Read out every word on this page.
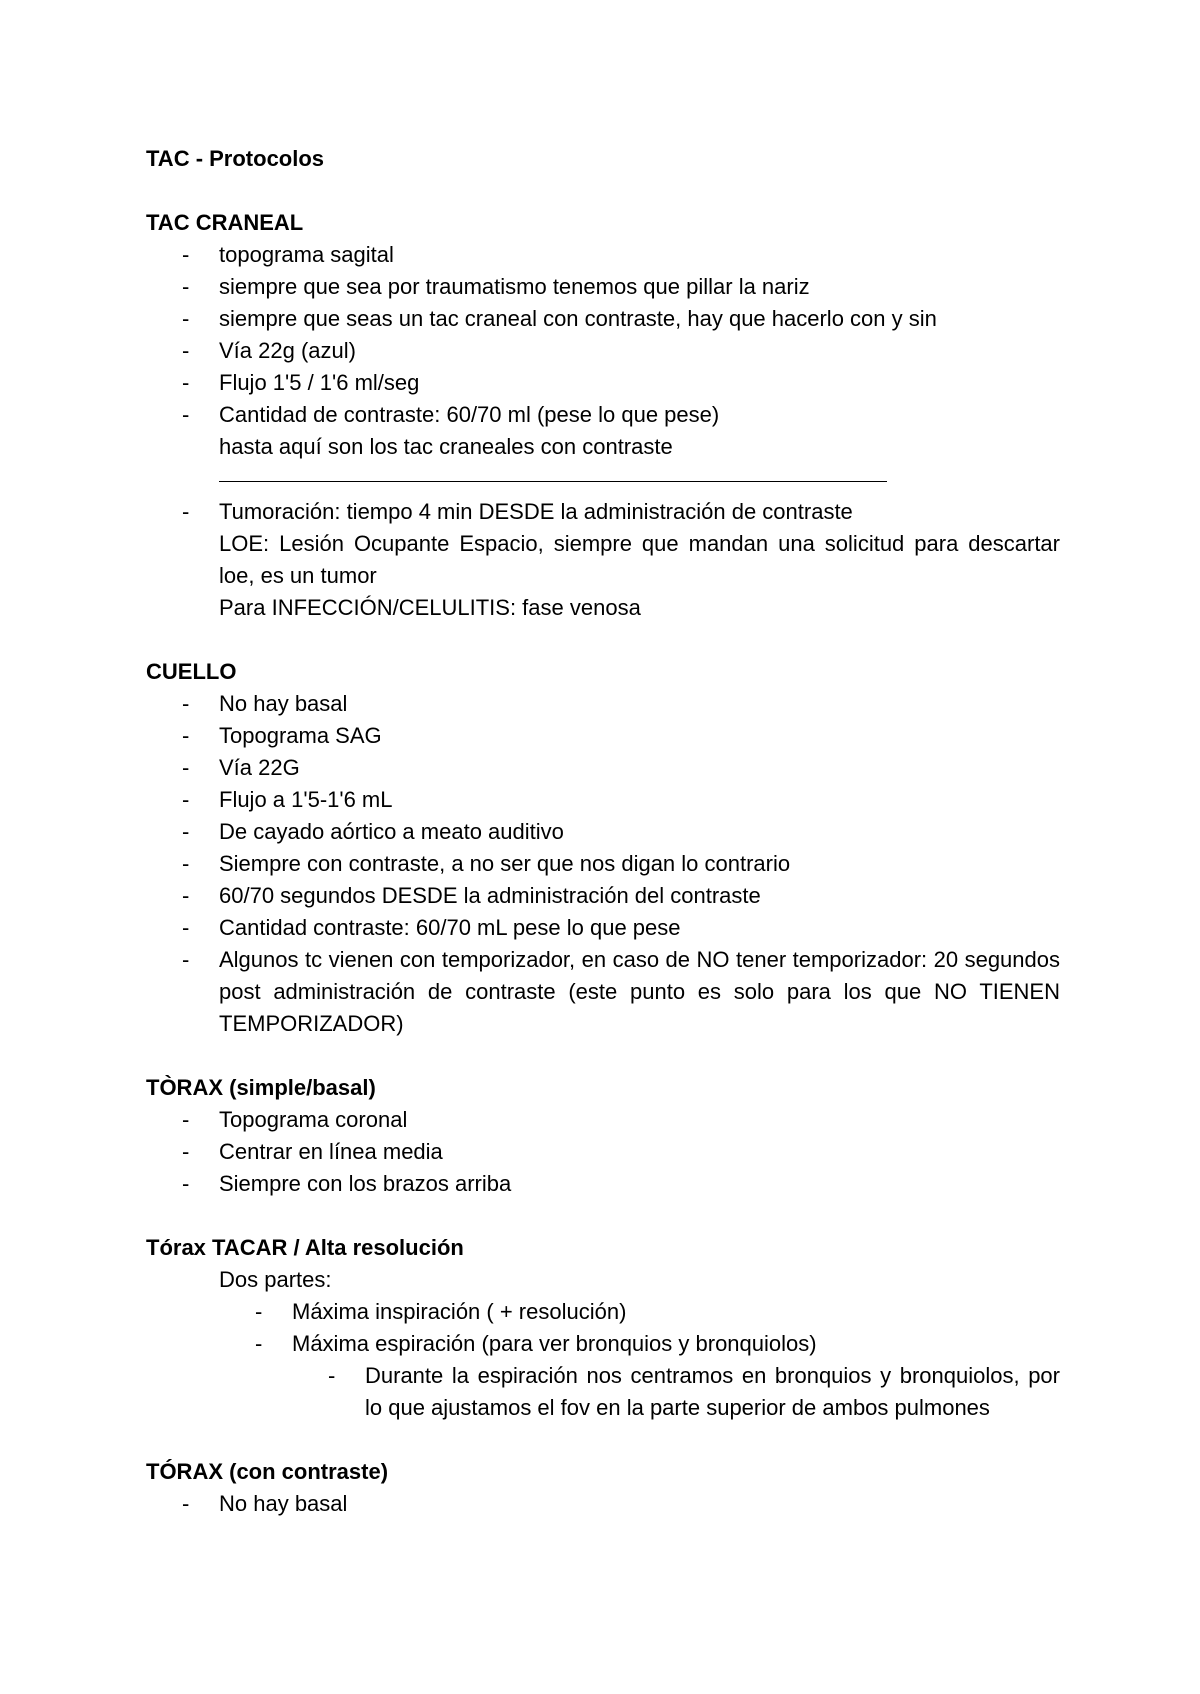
TAC - Protocolos
TAC CRANEAL
- topograma sagital
- siempre que sea por traumatismo tenemos que pillar la nariz
- siempre que seas un tac craneal con contraste, hay que hacerlo con y sin
- Vía 22g (azul)
- Flujo 1'5 / 1'6 ml/seg
- Cantidad de contraste: 60/70 ml (pese lo que pese)
hasta aquí son los tac craneales con contraste
- Tumoración: tiempo 4 min DESDE la administración de contraste
LOE: Lesión Ocupante Espacio, siempre que mandan una solicitud para descartar loe, es un tumor
Para INFECCIÓN/CELULITIS: fase venosa
CUELLO
- No hay basal
- Topograma SAG
- Vía 22G
- Flujo a 1'5-1'6 mL
- De cayado aórtico a meato auditivo
- Siempre con contraste, a no ser que nos digan lo contrario
- 60/70 segundos DESDE la administración del contraste
- Cantidad contraste: 60/70 mL pese lo que pese
- Algunos tc vienen con temporizador, en caso de NO tener temporizador: 20 segundos post administración de contraste (este punto es solo para los que NO TIENEN TEMPORIZADOR)
TÒRAX (simple/basal)
- Topograma coronal
- Centrar en línea media
- Siempre con los brazos arriba
Tórax TACAR / Alta resolución
Dos partes:
- Máxima inspiración ( + resolución)
- Máxima espiración (para ver bronquios y bronquiolos)
- Durante la espiración nos centramos en bronquios y bronquiolos, por lo que ajustamos el fov en la parte superior de ambos pulmones
TÓRAX (con contraste)
- No hay basal
